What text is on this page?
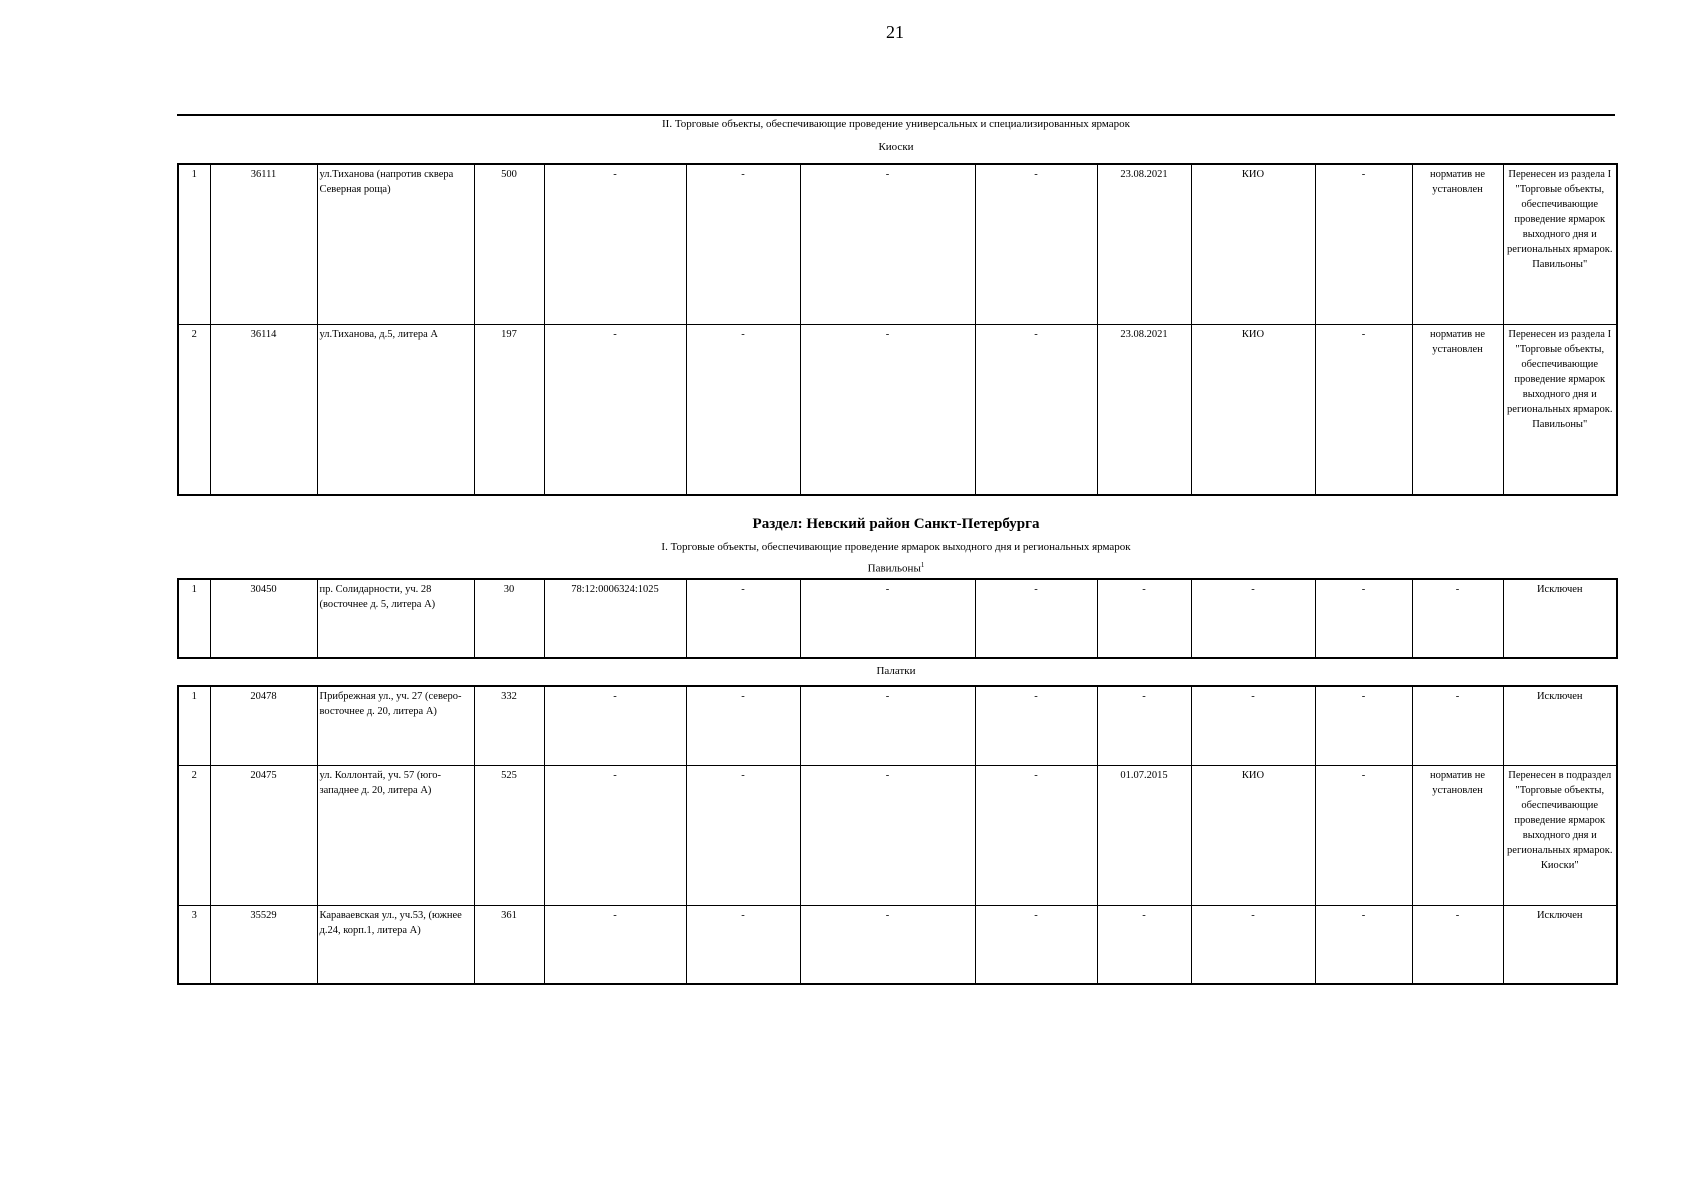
21
II. Торговые объекты, обеспечивающие проведение универсальных и специализированных ярмарок
Киоски
1	36111	ул.Тиханова (напротив сквера Северная роща)	500	-	-	-	-	23.08.2021	КИО	-	норматив не установлен	Перенесен из раздела I "Торговые объекты, обеспечивающие проведение ярмарок выходного дня и региональных ярмарок. Павильоны"
2	36114	ул.Тиханова, д.5, литера А	197	-	-	-	-	23.08.2021	КИО	-	норматив не установлен	Перенесен из раздела I "Торговые объекты, обеспечивающие проведение ярмарок выходного дня и региональных ярмарок. Павильоны"
Раздел: Невский район Санкт-Петербурга
I. Торговые объекты, обеспечивающие проведение ярмарок выходного дня и региональных ярмарок
Павильоны$^1$
1	30450	пр. Солидарности, уч. 28 (восточнее д. 5, литера А)	30	78:12:0006324:1025	-	-	-	-	-	-	-	Исключен
Палатки
1	20478	Прибрежная ул., уч. 27 (северо-восточнее д. 20, литера А)	332	-	-	-	-	-	-	-	-	Исключен
2	20475	ул. Коллонтай, уч. 57 (юго-западнее д. 20, литера А)	525	-	-	-	-	01.07.2015	КИО	-	норматив не установлен	Перенесен в подраздел "Торговые объекты, обеспечивающие проведение ярмарок выходного дня и региональных ярмарок. Киоски"
3	35529	Караваевская ул., уч.53, (южнее д.24, корп.1, литера А)	361	-	-	-	-	-	-	-	-	Исключен
